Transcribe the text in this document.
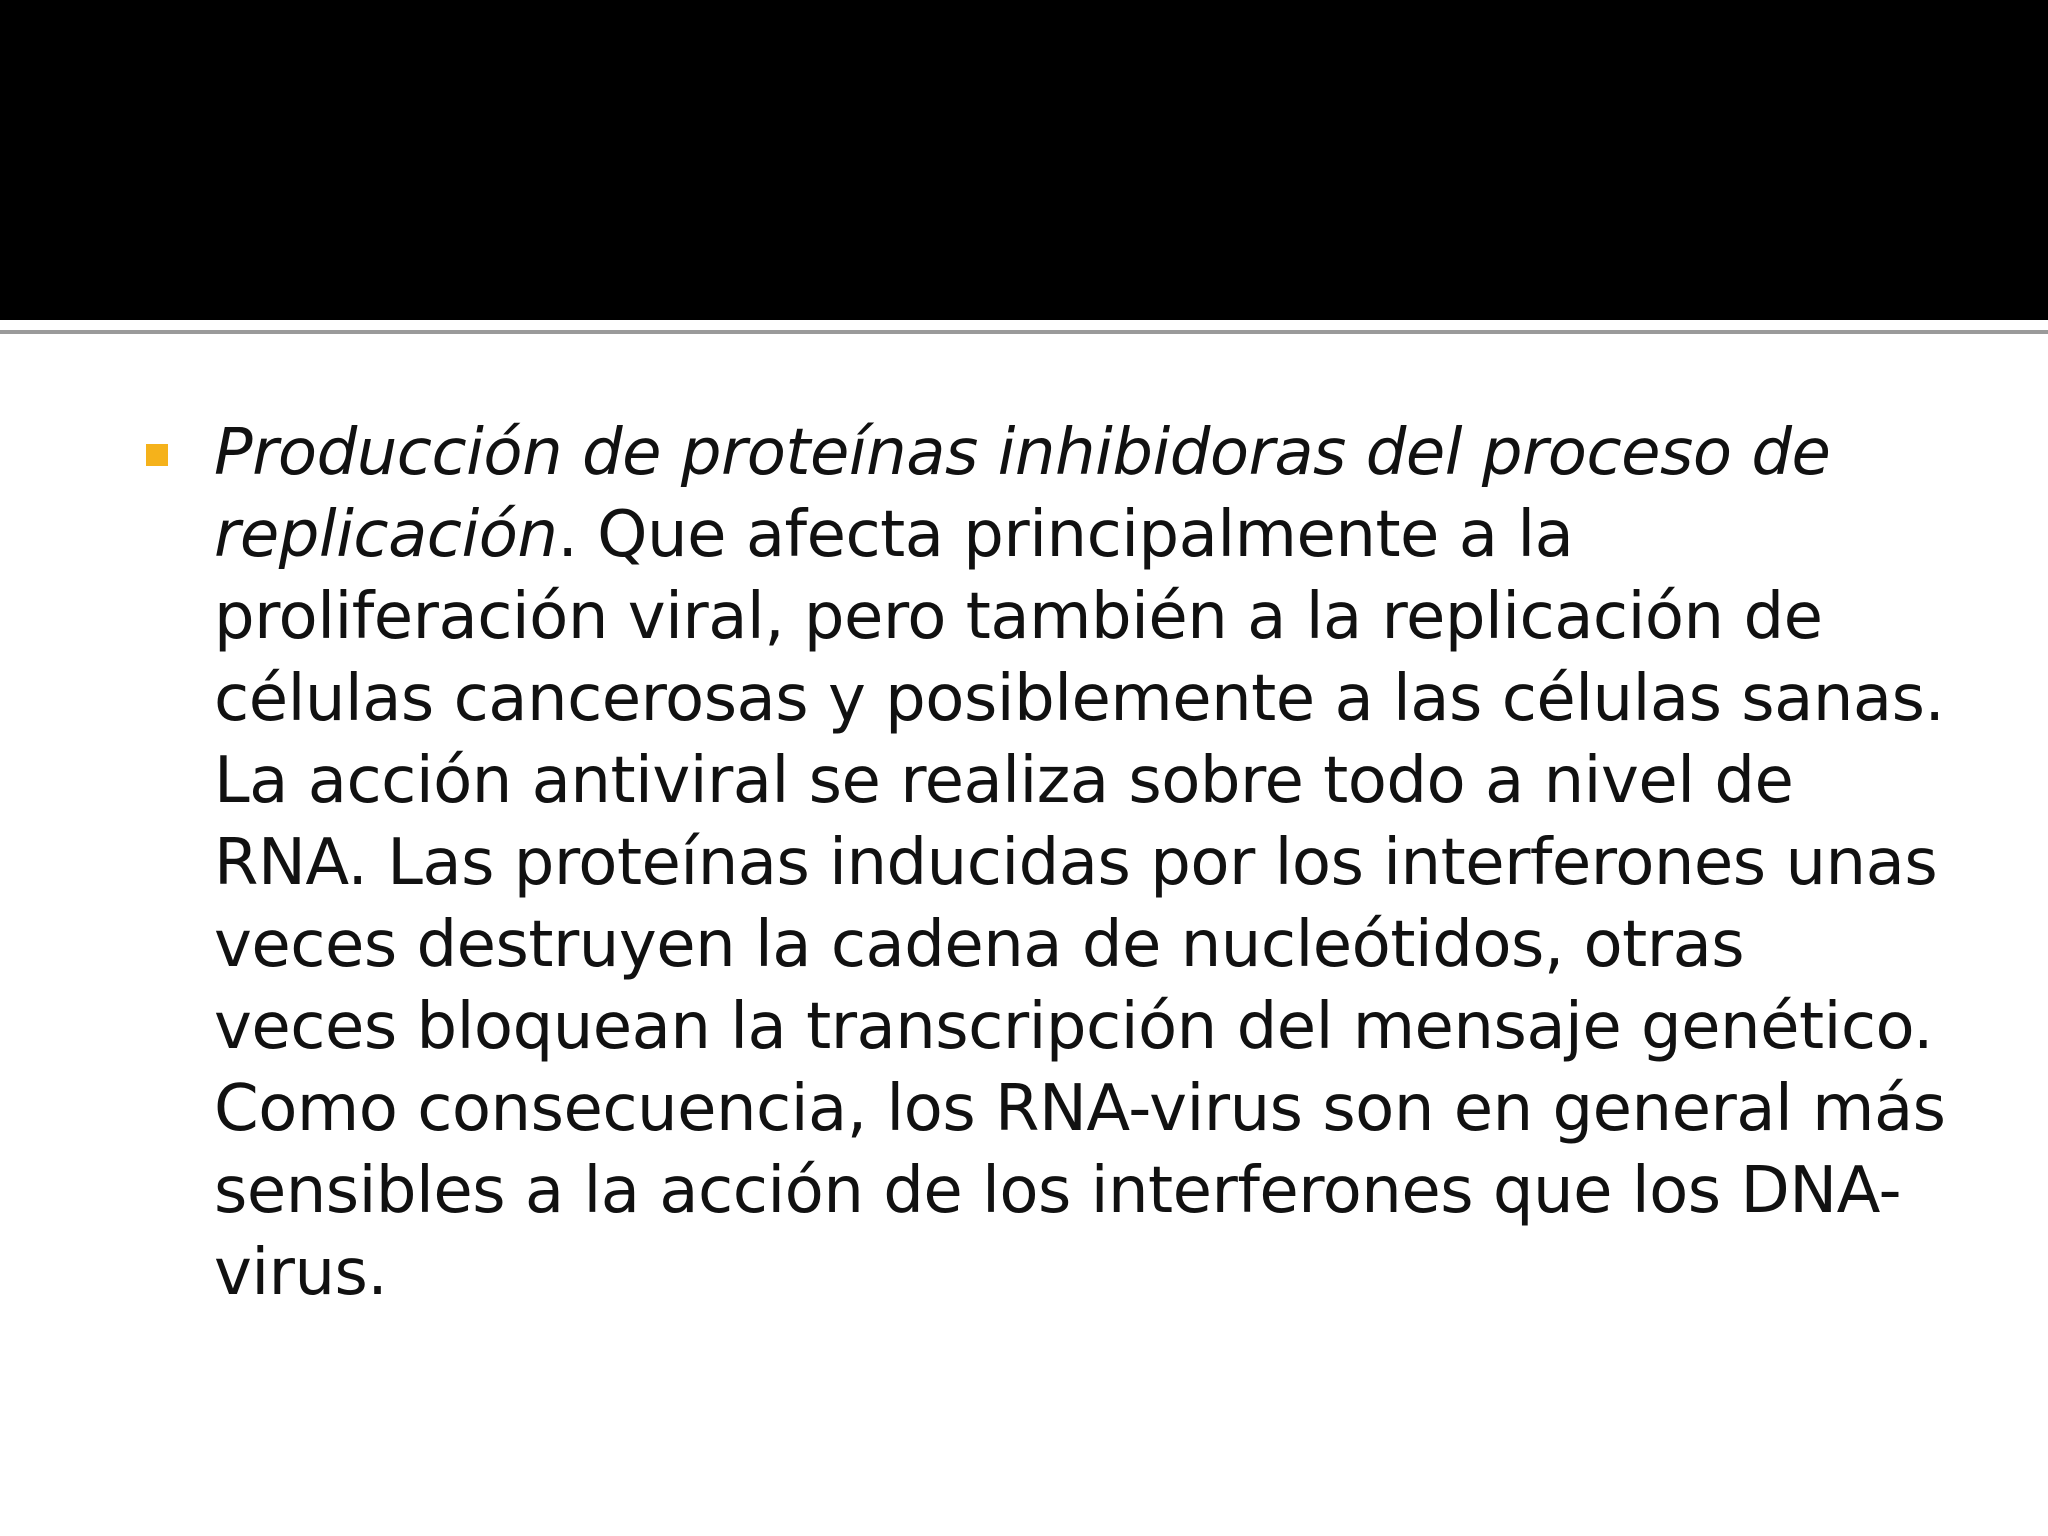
Producción de proteínas inhibidoras del proceso de replicación. Que afecta principalmente a la proliferación viral, pero también a la replicación de células cancerosas y posiblemente a las células sanas. La acción antiviral se realiza sobre todo a nivel de RNA. Las proteínas inducidas por los interferones unas veces destruyen la cadena de nucleótidos, otras veces bloquean la transcripción del mensaje genético. Como consecuencia, los RNA-virus son en general más sensibles a la acción de los interferones que los DNA-virus.
